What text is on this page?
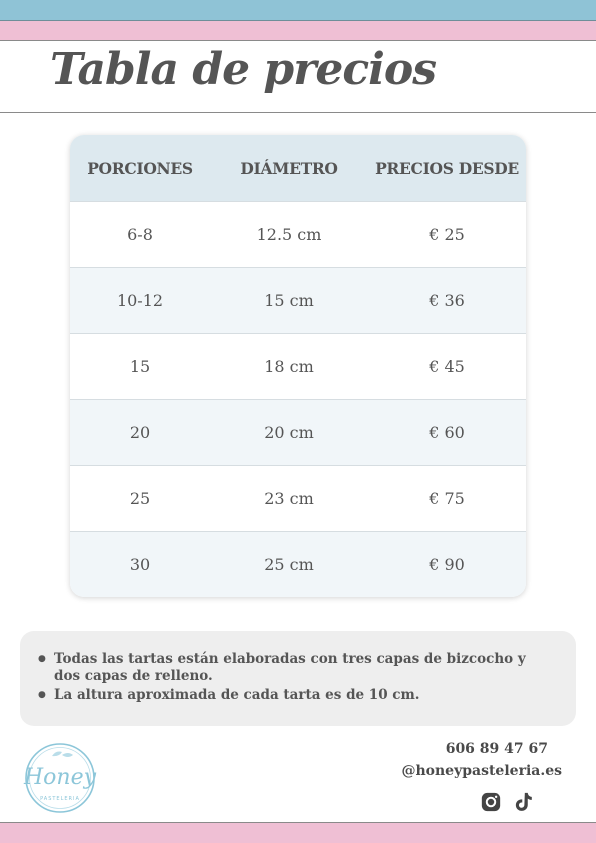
Tabla de precios
PORCIONES	DIÁMETRO	PRECIOS DESDE
6-8	12.5 cm	€ 25
10-12	15 cm	€ 36
15	18 cm	€ 45
20	20 cm	€ 60
25	23 cm	€ 75
30	25 cm	€ 90
● Todas las tartas están elaboradas con tres capas de bizcocho y dos capas de relleno.
● La altura aproximada de cada tarta es de 10 cm.
Honey
PASTELERIA
606 89 47 67
@honeypasteleria.es
